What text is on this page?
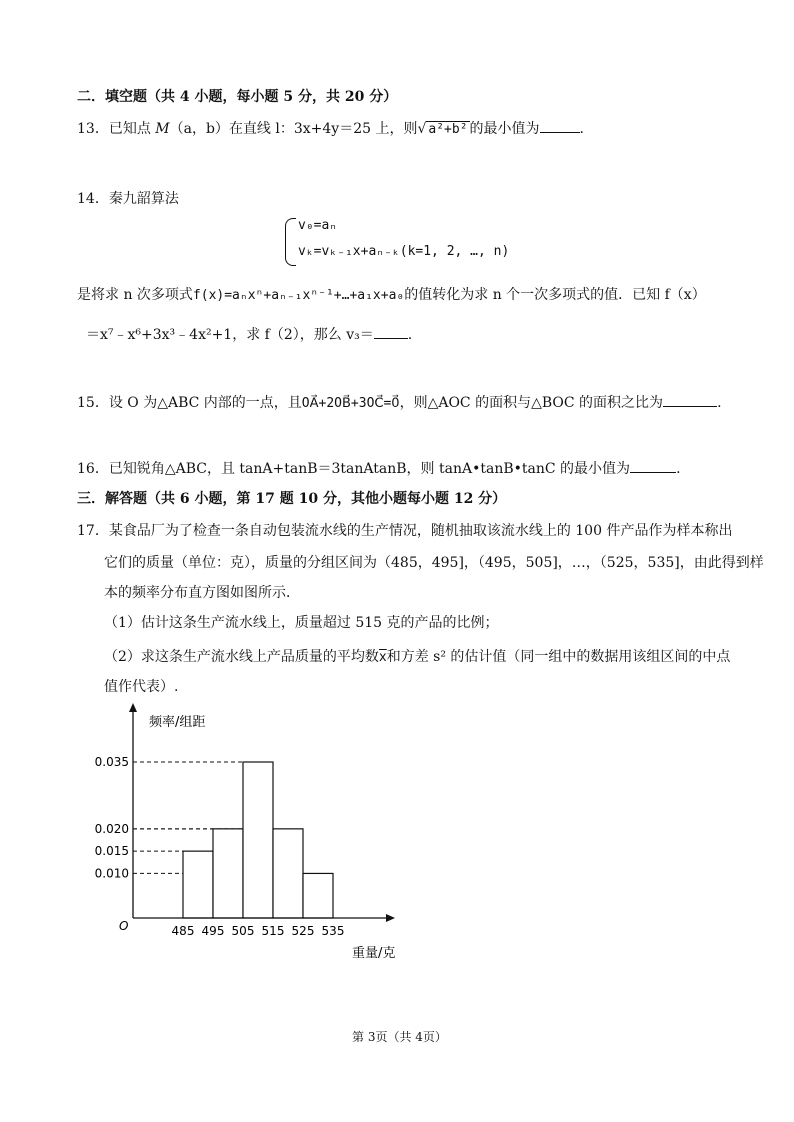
二．填空题（共 4 小题，每小题 5 分，共 20 分）
13．已知点 M（a，b）在直线 l：3x+4y＝25 上，则√ a²+b² 的最小值为	.
14．秦九韶算法
v₀=aₙ
vₖ=vₖ₋₁x+aₙ₋ₖ(k=1, 2, …, n)
是将求 n 次多项式f(x)=aₙxⁿ+aₙ₋₁xⁿ⁻¹+…+a₁x+a₀的值转化为求 n 个一次多项式的值．已知 f（x）
＝x⁷﹣x⁶+3x³﹣4x²+1，求 f（2），那么 v₃＝ .
15．设 O 为△ABC 内部的一点，且OA⃗+2OB⃗+3OC⃗=0⃗，则△AOC 的面积与△BOC 的面积之比为	.
16．已知锐角△ABC，且 tanA+tanB＝3tanAtanB，则 tanA•tanB•tanC 的最小值为	.
三．解答题（共 6 小题，第 17 题 10 分，其他小题每小题 12 分）
17．某食品厂为了检查一条自动包装流水线的生产情况，随机抽取该流水线上的 100 件产品作为样本称出
它们的质量（单位：克），质量的分组区间为（485，495]，（495，505]，…，（525，535]，由此得到样
本的频率分布直方图如图所示．
（1）估计这条生产流水线上，质量超过 515 克的产品的比例；
（2）求这条生产流水线上产品质量的平均数$\overline{x}$和方差 s² 的估计值（同一组中的数据用该组区间的中点
值作代表）.
0.035
0.020
0.015
0.010
485 495 505 515 525 535
O
频率/组距
重量/克
第 3页（共 4页）
